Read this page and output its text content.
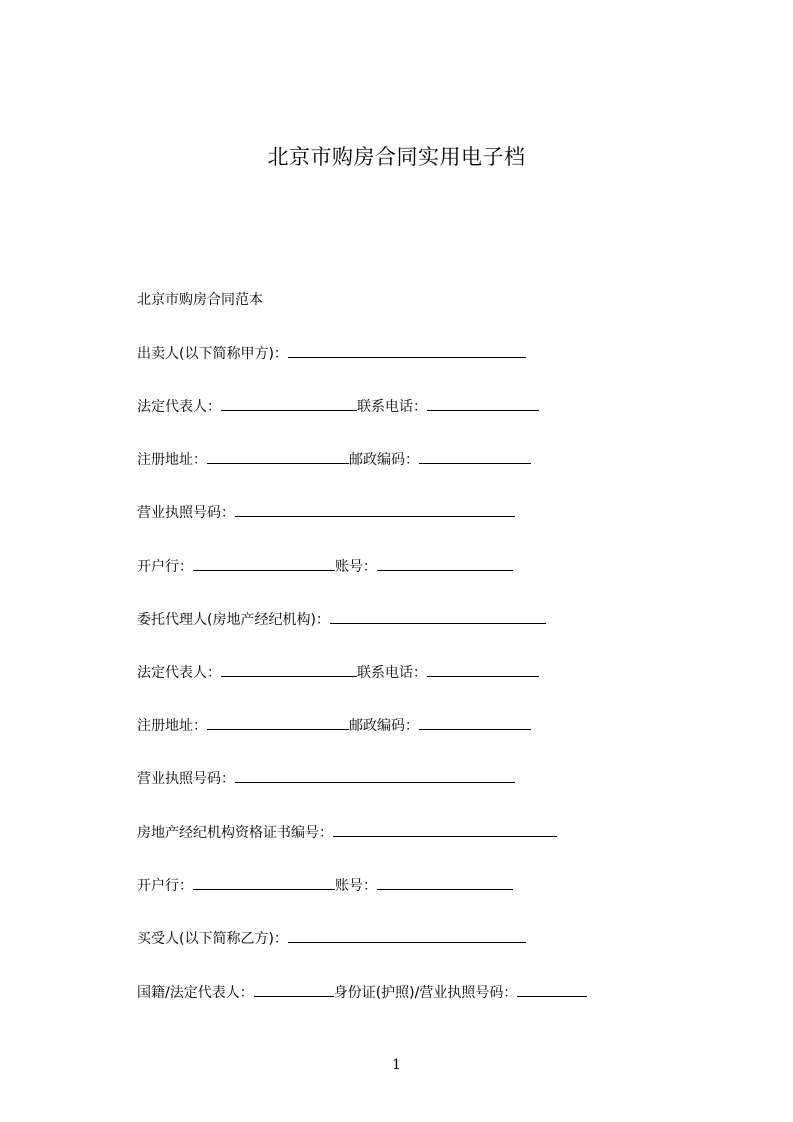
北京市购房合同实用电子档
北京市购房合同范本
出卖人(以下简称甲方)：
法定代表人：	联系电话：
注册地址：	邮政编码：
营业执照号码：
开户行：	账号：
委托代理人(房地产经纪机构)：
法定代表人：	联系电话：
注册地址：	邮政编码：
营业执照号码：
房地产经纪机构资格证书编号：
开户行：	账号：
买受人(以下简称乙方)：
国籍/法定代表人：	身份证(护照)/营业执照号码：
1
